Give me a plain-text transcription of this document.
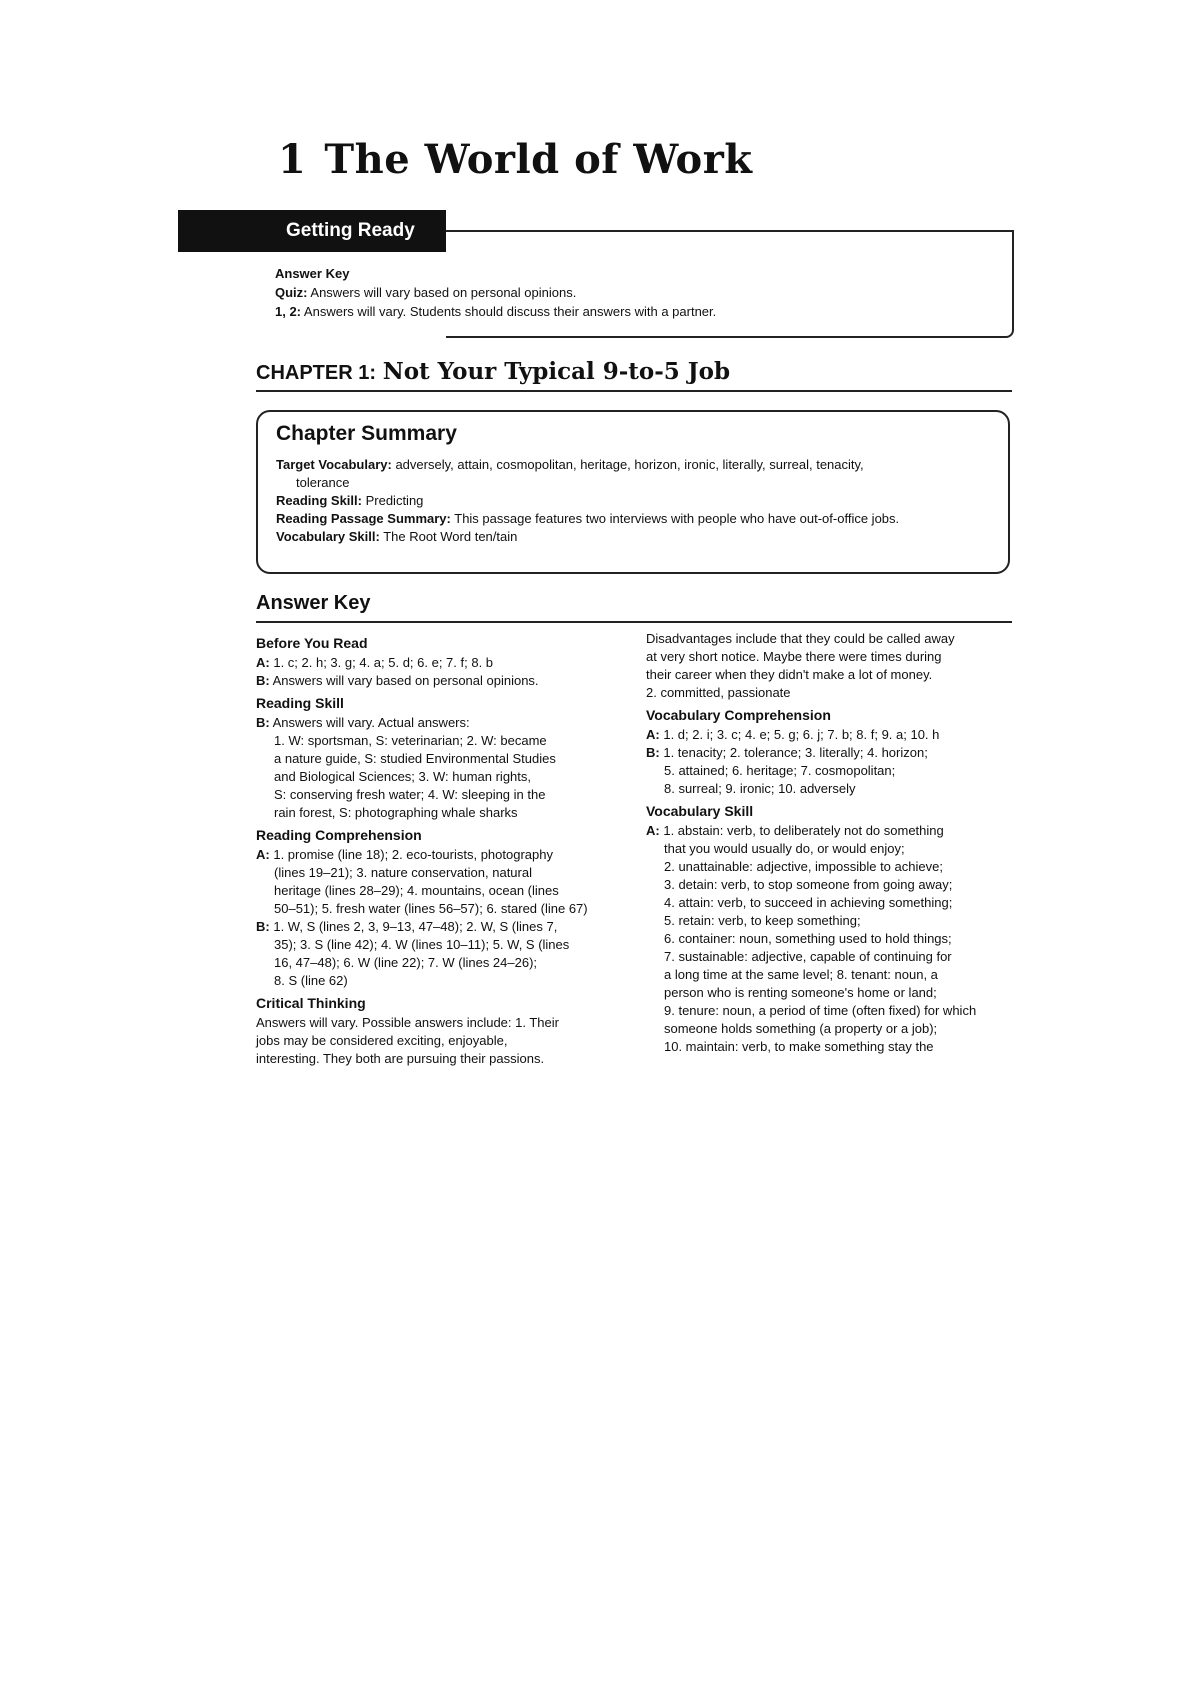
1 The World of Work
Getting Ready
Answer Key
Quiz: Answers will vary based on personal opinions.
1, 2: Answers will vary. Students should discuss their answers with a partner.
CHAPTER 1: Not Your Typical 9-to-5 Job
Chapter Summary
Target Vocabulary: adversely, attain, cosmopolitan, heritage, horizon, ironic, literally, surreal, tenacity,
tolerance
Reading Skill: Predicting
Reading Passage Summary: This passage features two interviews with people who have out-of-office jobs.
Vocabulary Skill: The Root Word ten/tain
Answer Key
Before You Read

A: 1. c; 2. h; 3. g; 4. a; 5. d; 6. e; 7. f; 8. b

B: Answers will vary based on personal opinions.

Reading Skill

B: Answers will vary. Actual answers:

1. W: sportsman, S: veterinarian; 2. W: became

a nature guide, S: studied Environmental Studies

and Biological Sciences; 3. W: human rights,

S: conserving fresh water; 4. W: sleeping in the

rain forest, S: photographing whale sharks

Reading Comprehension

A: 1. promise (line 18); 2. eco-tourists, photography

(lines 19–21); 3. nature conservation, natural

heritage (lines 28–29); 4. mountains, ocean (lines

50–51); 5. fresh water (lines 56–57); 6. stared (line 67)

B: 1. W, S (lines 2, 3, 9–13, 47–48); 2. W, S (lines 7,

35); 3. S (line 42); 4. W (lines 10–11); 5. W, S (lines

16, 47–48); 6. W (line 22); 7. W (lines 24–26);

8. S (line 62)

Critical Thinking

Answers will vary. Possible answers include: 1. Their

jobs may be considered exciting, enjoyable,

interesting. They both are pursuing their passions.

Disadvantages include that they could be called away

at very short notice. Maybe there were times during

their career when they didn't make a lot of money.

2. committed, passionate

Vocabulary Comprehension

A: 1. d; 2. i; 3. c; 4. e; 5. g; 6. j; 7. b; 8. f; 9. a; 10. h

B: 1. tenacity; 2. tolerance; 3. literally; 4. horizon;

5. attained; 6. heritage; 7. cosmopolitan;

8. surreal; 9. ironic; 10. adversely

Vocabulary Skill

A: 1. abstain: verb, to deliberately not do something

that you would usually do, or would enjoy;

2. unattainable: adjective, impossible to achieve;

3. detain: verb, to stop someone from going away;

4. attain: verb, to succeed in achieving something;

5. retain: verb, to keep something;

6. container: noun, something used to hold things;

7. sustainable: adjective, capable of continuing for

a long time at the same level; 8. tenant: noun, a

person who is renting someone's home or land;

9. tenure: noun, a period of time (often fixed) for which

someone holds something (a property or a job);

10. maintain: verb, to make something stay the
